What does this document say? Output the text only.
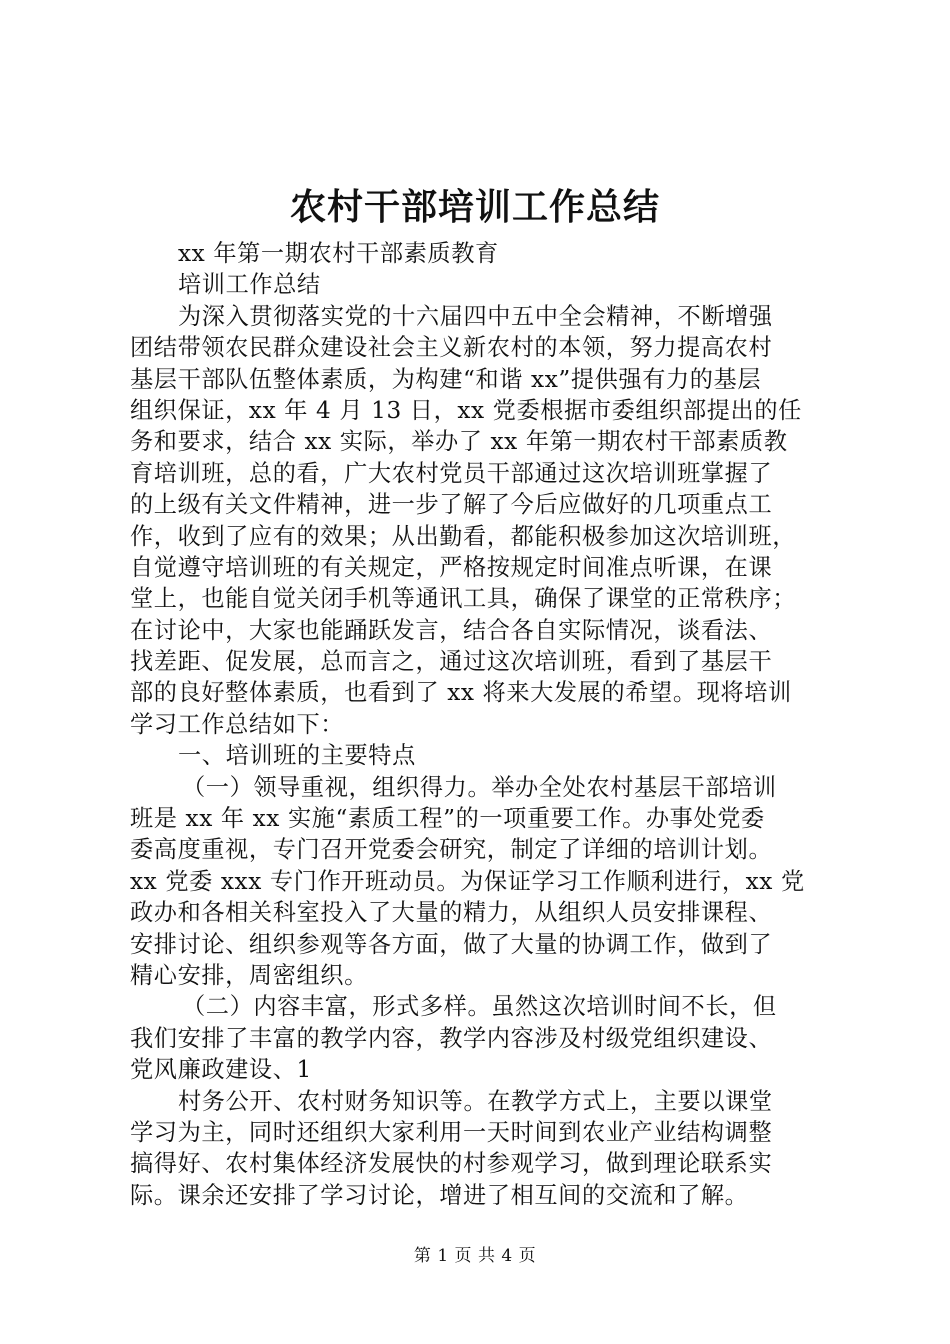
农村干部培训工作总结
xx 年第一期农村干部素质教育
培训工作总结
为深入贯彻落实党的十六届四中五中全会精神，不断增强
团结带领农民群众建设社会主义新农村的本领，努力提高农村
基层干部队伍整体素质，为构建“和谐 xx”提供强有力的基层
组织保证，xx 年 4 月 13 日，xx 党委根据市委组织部提出的任
务和要求，结合 xx 实际，举办了 xx 年第一期农村干部素质教
育培训班，总的看，广大农村党员干部通过这次培训班掌握了
的上级有关文件精神，进一步了解了今后应做好的几项重点工
作，收到了应有的效果；从出勤看，都能积极参加这次培训班，
自觉遵守培训班的有关规定，严格按规定时间准点听课，在课
堂上，也能自觉关闭手机等通讯工具，确保了课堂的正常秩序；
在讨论中，大家也能踊跃发言，结合各自实际情况，谈看法、
找差距、促发展，总而言之，通过这次培训班，看到了基层干
部的良好整体素质，也看到了 xx 将来大发展的希望。现将培训
学习工作总结如下：
一、培训班的主要特点
（一）领导重视，组织得力。举办全处农村基层干部培训
班是 xx 年 xx 实施“素质工程”的一项重要工作。办事处党委
委高度重视，专门召开党委会研究，制定了详细的培训计划。
xx 党委 xxx 专门作开班动员。为保证学习工作顺利进行，xx 党
政办和各相关科室投入了大量的精力，从组织人员安排课程、
安排讨论、组织参观等各方面，做了大量的协调工作，做到了
精心安排，周密组织。
（二）内容丰富，形式多样。虽然这次培训时间不长，但
我们安排了丰富的教学内容，教学内容涉及村级党组织建设、
党风廉政建设、1
村务公开、农村财务知识等。在教学方式上，主要以课堂
学习为主，同时还组织大家利用一天时间到农业产业结构调整
搞得好、农村集体经济发展快的村参观学习，做到理论联系实
际。课余还安排了学习讨论，增进了相互间的交流和了解。
第 1 页 共 4 页
